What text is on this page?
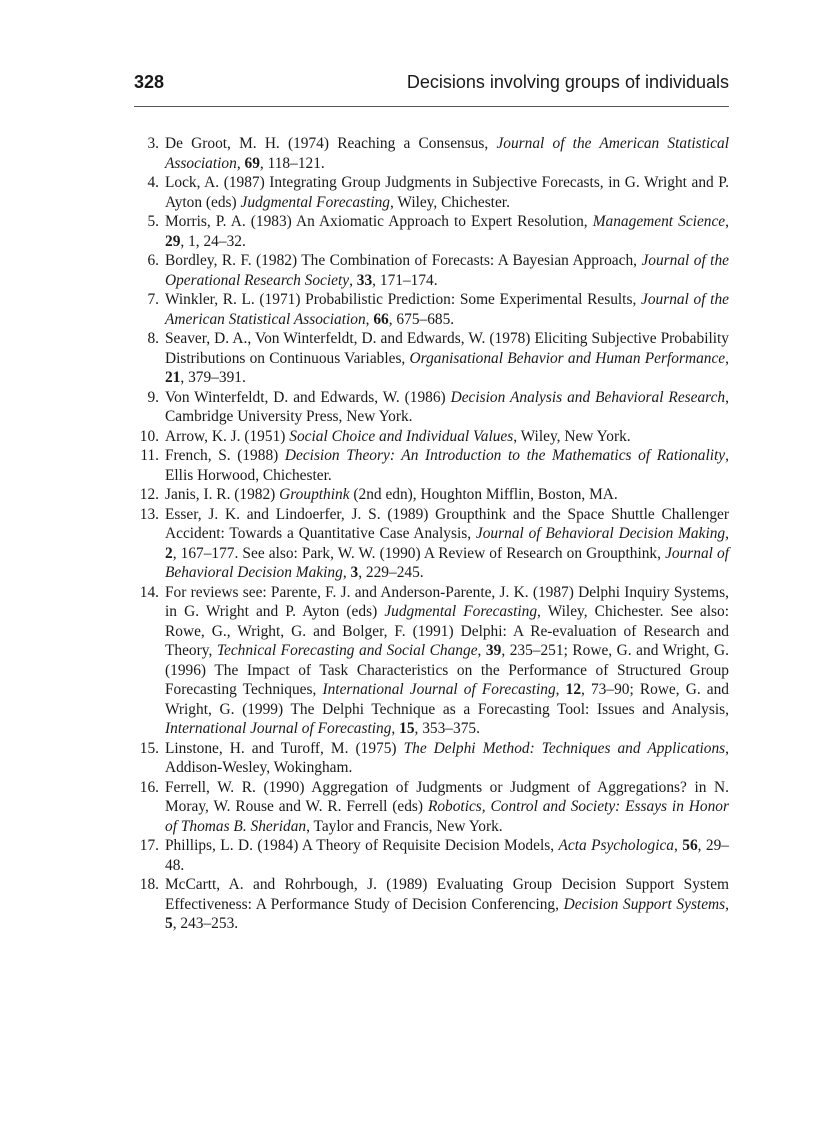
328	Decisions involving groups of individuals
3. De Groot, M. H. (1974) Reaching a Consensus, Journal of the American Statistical Association, 69, 118–121.
4. Lock, A. (1987) Integrating Group Judgments in Subjective Forecasts, in G. Wright and P. Ayton (eds) Judgmental Forecasting, Wiley, Chichester.
5. Morris, P. A. (1983) An Axiomatic Approach to Expert Resolution, Management Science, 29, 1, 24–32.
6. Bordley, R. F. (1982) The Combination of Forecasts: A Bayesian Approach, Journal of the Operational Research Society, 33, 171–174.
7. Winkler, R. L. (1971) Probabilistic Prediction: Some Experimental Results, Journal of the American Statistical Association, 66, 675–685.
8. Seaver, D. A., Von Winterfeldt, D. and Edwards, W. (1978) Eliciting Subjective Probability Distributions on Continuous Variables, Organisational Behavior and Human Performance, 21, 379–391.
9. Von Winterfeldt, D. and Edwards, W. (1986) Decision Analysis and Behavioral Research, Cambridge University Press, New York.
10. Arrow, K. J. (1951) Social Choice and Individual Values, Wiley, New York.
11. French, S. (1988) Decision Theory: An Introduction to the Mathematics of Rationality, Ellis Horwood, Chichester.
12. Janis, I. R. (1982) Groupthink (2nd edn), Houghton Mifflin, Boston, MA.
13. Esser, J. K. and Lindoerfer, J. S. (1989) Groupthink and the Space Shuttle Challenger Accident: Towards a Quantitative Case Analysis, Journal of Behavioral Decision Making, 2, 167–177. See also: Park, W. W. (1990) A Review of Research on Groupthink, Journal of Behavioral Decision Making, 3, 229–245.
14. For reviews see: Parente, F. J. and Anderson-Parente, J. K. (1987) Delphi Inquiry Systems, in G. Wright and P. Ayton (eds) Judgmental Forecasting, Wiley, Chichester. See also: Rowe, G., Wright, G. and Bolger, F. (1991) Delphi: A Re-evaluation of Research and Theory, Technical Forecasting and Social Change, 39, 235–251; Rowe, G. and Wright, G. (1996) The Impact of Task Characteristics on the Performance of Structured Group Forecasting Techniques, International Journal of Forecasting, 12, 73–90; Rowe, G. and Wright, G. (1999) The Delphi Technique as a Forecasting Tool: Issues and Analysis, International Journal of Forecasting, 15, 353–375.
15. Linstone, H. and Turoff, M. (1975) The Delphi Method: Techniques and Applications, Addison-Wesley, Wokingham.
16. Ferrell, W. R. (1990) Aggregation of Judgments or Judgment of Aggregations? in N. Moray, W. Rouse and W. R. Ferrell (eds) Robotics, Control and Society: Essays in Honor of Thomas B. Sheridan, Taylor and Francis, New York.
17. Phillips, L. D. (1984) A Theory of Requisite Decision Models, Acta Psychologica, 56, 29–48.
18. McCartt, A. and Rohrbough, J. (1989) Evaluating Group Decision Support System Effectiveness: A Performance Study of Decision Conferencing, Decision Support Systems, 5, 243–253.
